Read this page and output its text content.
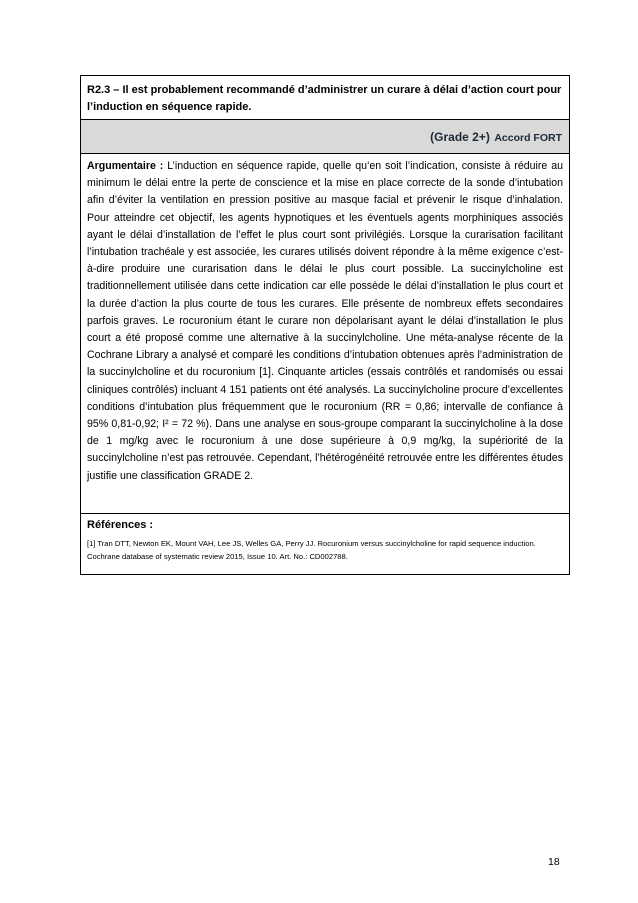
R2.3 – Il est probablement recommandé d’administrer un curare à délai d’action court pour l’induction en séquence rapide.
(Grade 2+) Accord FORT

Argumentaire : L’induction en séquence rapide, quelle qu’en soit l’indication, consiste à réduire au minimum le délai entre la perte de conscience et la mise en place correcte de la sonde d’intubation afin d’éviter la ventilation en pression positive au masque facial et prévenir le risque d’inhalation. Pour atteindre cet objectif, les agents hypnotiques et les éventuels agents morphiniques associés ayant le délai d’installation de l’effet le plus court sont privilégiés. Lorsque la curarisation facilitant l’intubation trachéale y est associée, les curares utilisés doivent répondre à la même exigence c’est-à-dire produire une curarisation dans le délai le plus court possible. La succinylcholine est traditionnellement utilisée dans cette indication car elle possède le délai d’installation le plus court et la durée d’action la plus courte de tous les curares. Elle présente de nombreux effets secondaires parfois graves. Le rocuronium étant le curare non dépolarisant ayant le délai d’installation le plus court a été proposé comme une alternative à la succinylcholine. Une méta-analyse récente de la Cochrane Library a analysé et comparé les conditions d’intubation obtenues après l’administration de la succinylcholine et du rocuronium [1]. Cinquante articles (essais contrôlés et randomisés ou essai cliniques contrôlés) incluant 4 151 patients ont été analysés. La succinylcholine procure d’excellentes conditions d’intubation plus fréquemment que le rocuronium (RR = 0,86; intervalle de confiance à 95% 0,81-0,92; I² = 72 %). Dans une analyse en sous-groupe comparant la succinylcholine à la dose de 1 mg/kg avec le rocuronium à une dose supérieure à 0,9 mg/kg, la supériorité de la succinylcholine n’est pas retrouvée. Cependant, l’hétérogénéité retrouvée entre les différentes études justifie une classification GRADE 2.

Références :

[1] Tran DTT, Newton EK, Mount VAH, Lee JS, Welles GA, Perry JJ. Rocuronium versus succinylcholine for rapid sequence induction. Cochrane database of systematic review 2015, Issue 10. Art. No.: CD002788.

18
